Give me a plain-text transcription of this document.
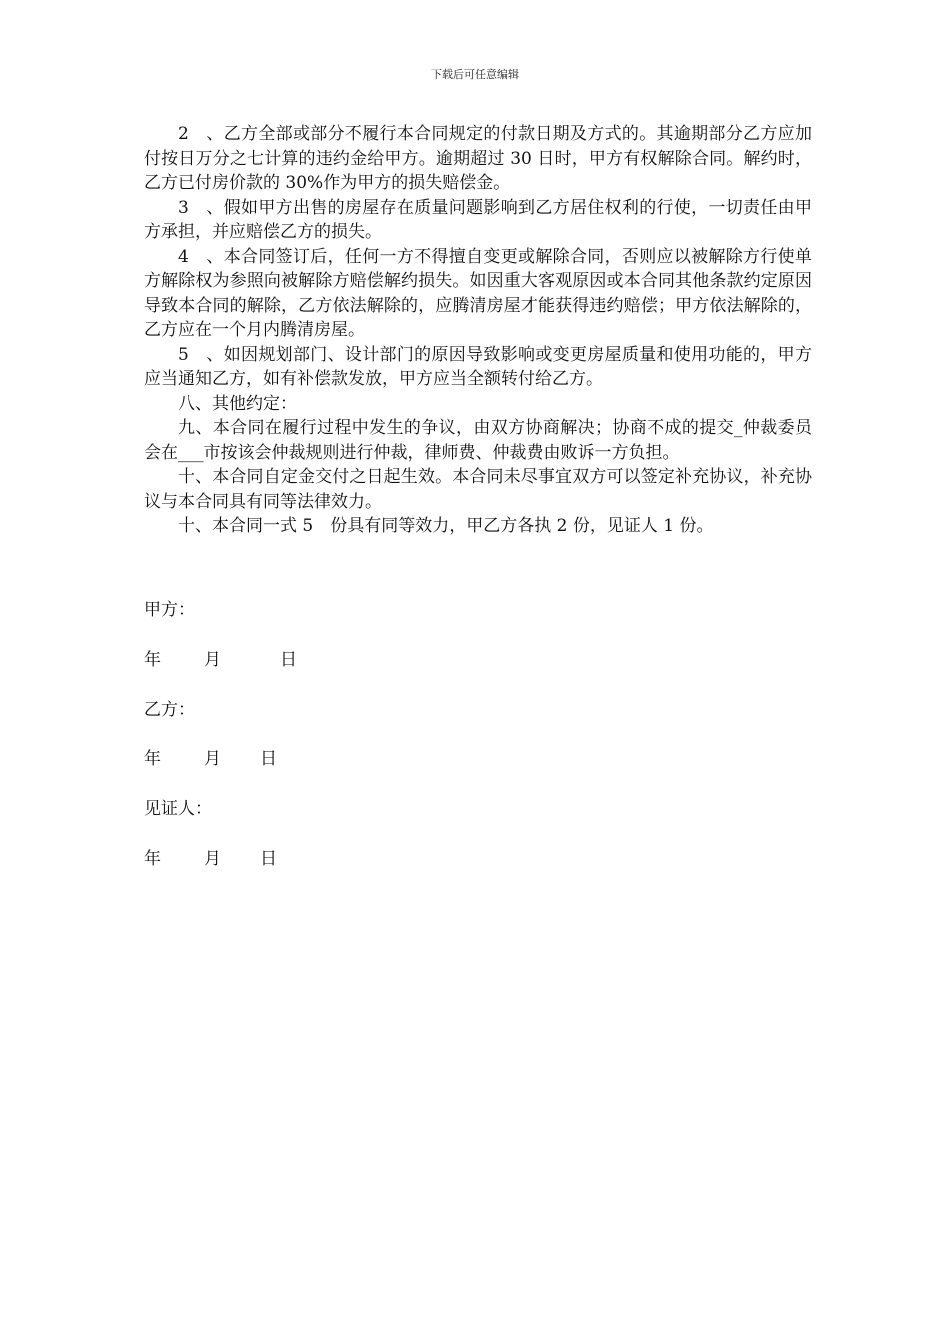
下载后可任意编辑

2　、乙方全部或部分不履行本合同规定的付款日期及方式的。其逾期部分乙方应加付按日万分之七计算的违约金给甲方。逾期超过 30 日时，甲方有权解除合同。解约时，乙方已付房价款的 30%作为甲方的损失赔偿金。

3　、假如甲方出售的房屋存在质量问题影响到乙方居住权利的行使，一切责任由甲方承担，并应赔偿乙方的损失。

4　、本合同签订后，任何一方不得擅自变更或解除合同，否则应以被解除方行使单方解除权为参照向被解除方赔偿解约损失。如因重大客观原因或本合同其他条款约定原因导致本合同的解除，乙方依法解除的，应腾清房屋才能获得违约赔偿；甲方依法解除的，乙方应在一个月内腾清房屋。

5　、如因规划部门、设计部门的原因导致影响或变更房屋质量和使用功能的，甲方应当通知乙方，如有补偿款发放，甲方应当全额转付给乙方。

八、其他约定：

九、本合同在履行过程中发生的争议，由双方协商解决；协商不成的提交_仲裁委员会在___市按该会仲裁规则进行仲裁，律师费、仲裁费由败诉一方负担。

十、本合同自定金交付之日起生效。本合同未尽事宜双方可以签定补充协议，补充协议与本合同具有同等法律效力。

十、本合同一式 5　份具有同等效力，甲乙方各执 2 份，见证人 1 份。

甲方：
年	月	日
乙方：
年	月 日
见证人：
年	月 日
